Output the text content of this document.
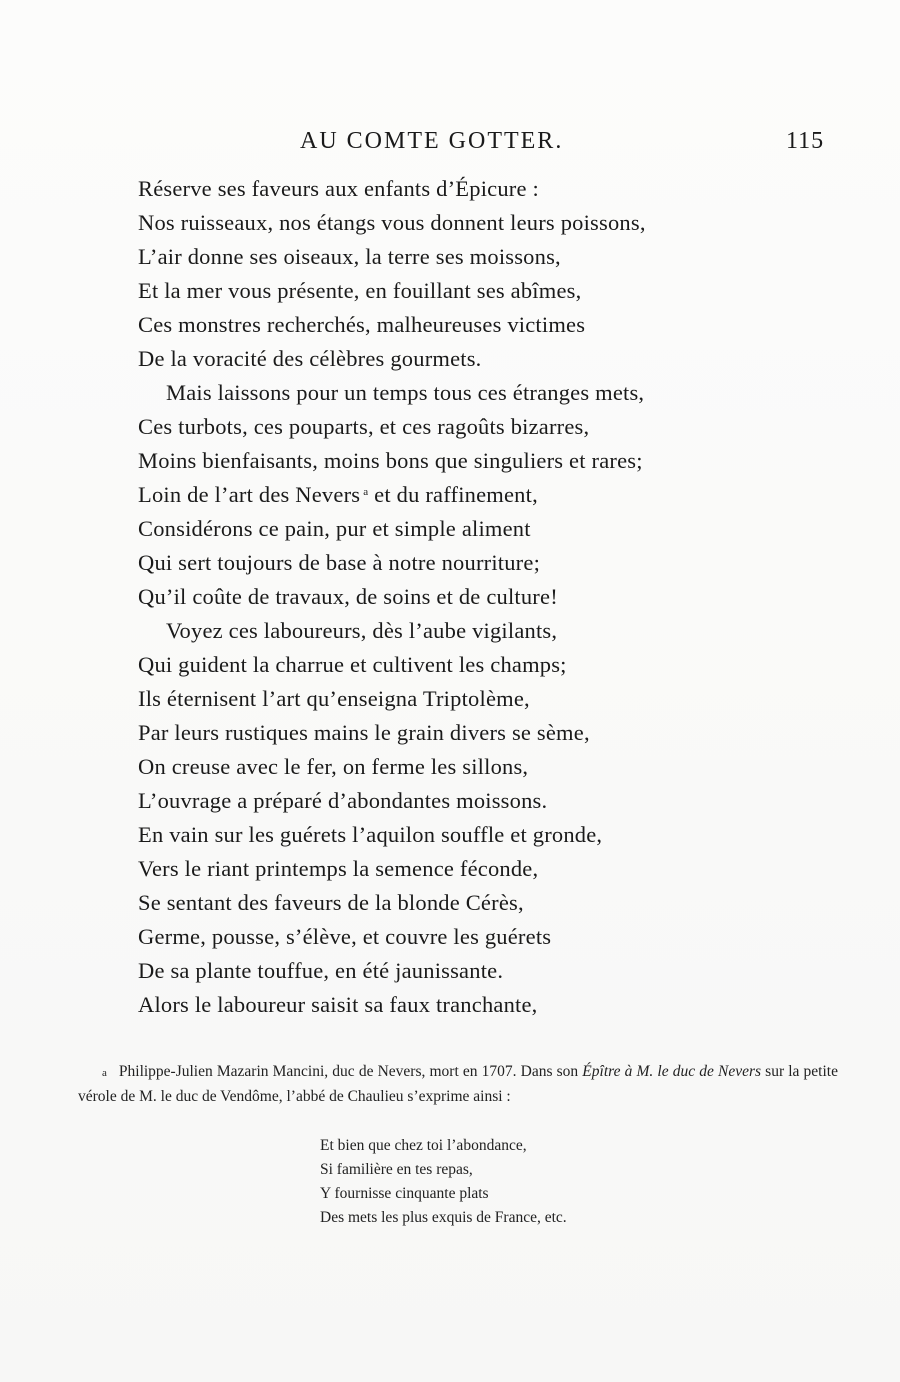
AU COMTE GOTTER.	115
Réserve ses faveurs aux enfants d’Épicure :
Nos ruisseaux, nos étangs vous donnent leurs poissons,
L’air donne ses oiseaux, la terre ses moissons,
Et la mer vous présente, en fouillant ses abîmes,
Ces monstres recherchés, malheureuses victimes
De la voracité des célèbres gourmets.
Mais laissons pour un temps tous ces étranges mets,
Ces turbots, ces pouparts, et ces ragoûts bizarres,
Moins bienfaisants, moins bons que singuliers et rares;
Loin de l’art des Nevers $^a$ et du raffinement,
Considérons ce pain, pur et simple aliment
Qui sert toujours de base à notre nourriture;
Qu’il coûte de travaux, de soins et de culture!
Voyez ces laboureurs, dès l’aube vigilants,
Qui guident la charrue et cultivent les champs;
Ils éternisent l’art qu’enseigna Triptolème,
Par leurs rustiques mains le grain divers se sème,
On creuse avec le fer, on ferme les sillons,
L’ouvrage a préparé d’abondantes moissons.
En vain sur les guérets l’aquilon souffle et gronde,
Vers le riant printemps la semence féconde,
Se sentant des faveurs de la blonde Cérès,
Germe, pousse, s’élève, et couvre les guérets
De sa plante touffue, en été jaunissante.
Alors le laboureur saisit sa faux tranchante,
a Philippe-Julien Mazarin Mancini, duc de Nevers, mort en 1707. Dans son Épître à M. le duc de Nevers sur la petite vérole de M. le duc de Vendôme, l’abbé de Chaulieu s’exprime ainsi :
Et bien que chez toi l’abondance,
Si familière en tes repas,
Y fournisse cinquante plats
Des mets les plus exquis de France, etc.
